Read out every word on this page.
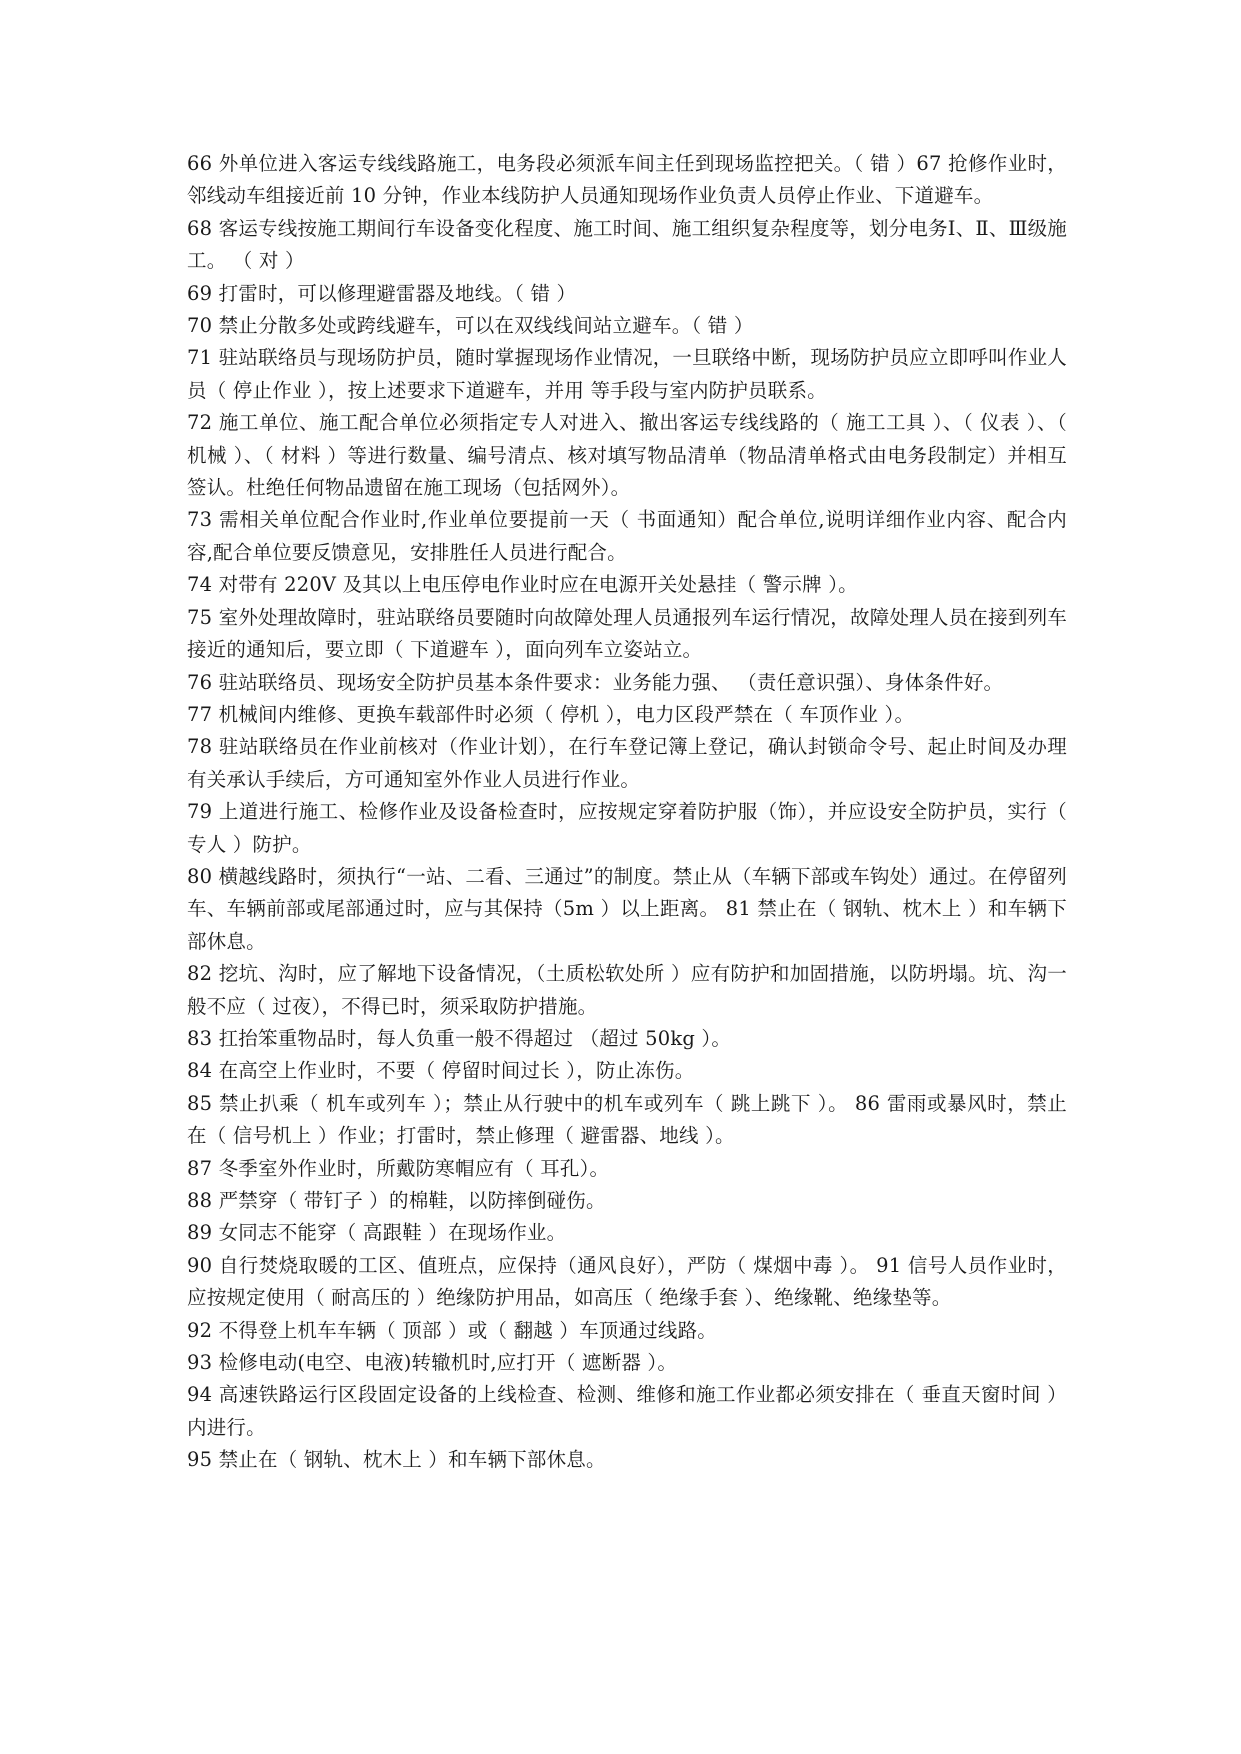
66 外单位进入客运专线线路施工，电务段必须派车间主任到现场监控把关。（ 错 ）67 抢修作业时，邻线动车组接近前 10 分钟，作业本线防护人员通知现场作业负责人员停止作业、下道避车。

68 客运专线按施工期间行车设备变化程度、施工时间、施工组织复杂程度等，划分电务Ⅰ、Ⅱ、Ⅲ级施工。 （ 对 ）

69 打雷时，可以修理避雷器及地线。（ 错 ）

70 禁止分散多处或跨线避车，可以在双线线间站立避车。（ 错 ）

71 驻站联络员与现场防护员，随时掌握现场作业情况，一旦联络中断，现场防护员应立即呼叫作业人员（ 停止作业 ），按上述要求下道避车，并用 等手段与室内防护员联系。

72 施工单位、施工配合单位必须指定专人对进入、撤出客运专线线路的（ 施工工具 ）、（ 仪表 ）、（ 机械 ）、（ 材料 ）等进行数量、编号清点、核对填写物品清单（物品清单格式由电务段制定）并相互签认。杜绝任何物品遗留在施工现场（包括网外）。

73 需相关单位配合作业时,作业单位要提前一天（ 书面通知）配合单位,说明详细作业内容、配合内容,配合单位要反馈意见，安排胜任人员进行配合。

74 对带有 220V 及其以上电压停电作业时应在电源开关处悬挂（ 警示牌 ）。

75 室外处理故障时，驻站联络员要随时向故障处理人员通报列车运行情况，故障处理人员在接到列车接近的通知后，要立即（ 下道避车 ），面向列车立姿站立。

76 驻站联络员、现场安全防护员基本条件要求：业务能力强、 （责任意识强）、身体条件好。

77 机械间内维修、更换车载部件时必须（ 停机 ），电力区段严禁在（ 车顶作业 ）。

78 驻站联络员在作业前核对（作业计划），在行车登记簿上登记，确认封锁命令号、起止时间及办理有关承认手续后，方可通知室外作业人员进行作业。

79 上道进行施工、检修作业及设备检查时，应按规定穿着防护服（饰），并应设安全防护员，实行（ 专人 ）防护。

80 横越线路时，须执行“一站、二看、三通过”的制度。禁止从（车辆下部或车钩处）通过。在停留列车、车辆前部或尾部通过时，应与其保持（5m ）以上距离。 81 禁止在（ 钢轨、枕木上 ）和车辆下部休息。

82 挖坑、沟时，应了解地下设备情况，（土质松软处所 ）应有防护和加固措施，以防坍塌。坑、沟一般不应（ 过夜），不得已时，须采取防护措施。

83 扛抬笨重物品时，每人负重一般不得超过 （超过 50kg ）。

84 在高空上作业时，不要（ 停留时间过长 ），防止冻伤。

85 禁止扒乘（ 机车或列车 ）；禁止从行驶中的机车或列车（ 跳上跳下 ）。 86 雷雨或暴风时，禁止在（ 信号机上 ）作业；打雷时，禁止修理（ 避雷器、地线 ）。

87 冬季室外作业时，所戴防寒帽应有（ 耳孔）。

88 严禁穿（ 带钉子 ）的棉鞋，以防摔倒碰伤。

89 女同志不能穿（ 高跟鞋 ）在现场作业。

90 自行焚烧取暖的工区、值班点，应保持（通风良好），严防（ 煤烟中毒 ）。 91 信号人员作业时，应按规定使用（ 耐高压的 ）绝缘防护用品，如高压（ 绝缘手套 ）、绝缘靴、绝缘垫等。

92 不得登上机车车辆（ 顶部 ）或（ 翻越 ）车顶通过线路。

93 检修电动(电空、电液)转辙机时,应打开（ 遮断器 ）。

94 高速铁路运行区段固定设备的上线检查、检测、维修和施工作业都必须安排在（ 垂直天窗时间 ）内进行。

95 禁止在（ 钢轨、枕木上 ）和车辆下部休息。
